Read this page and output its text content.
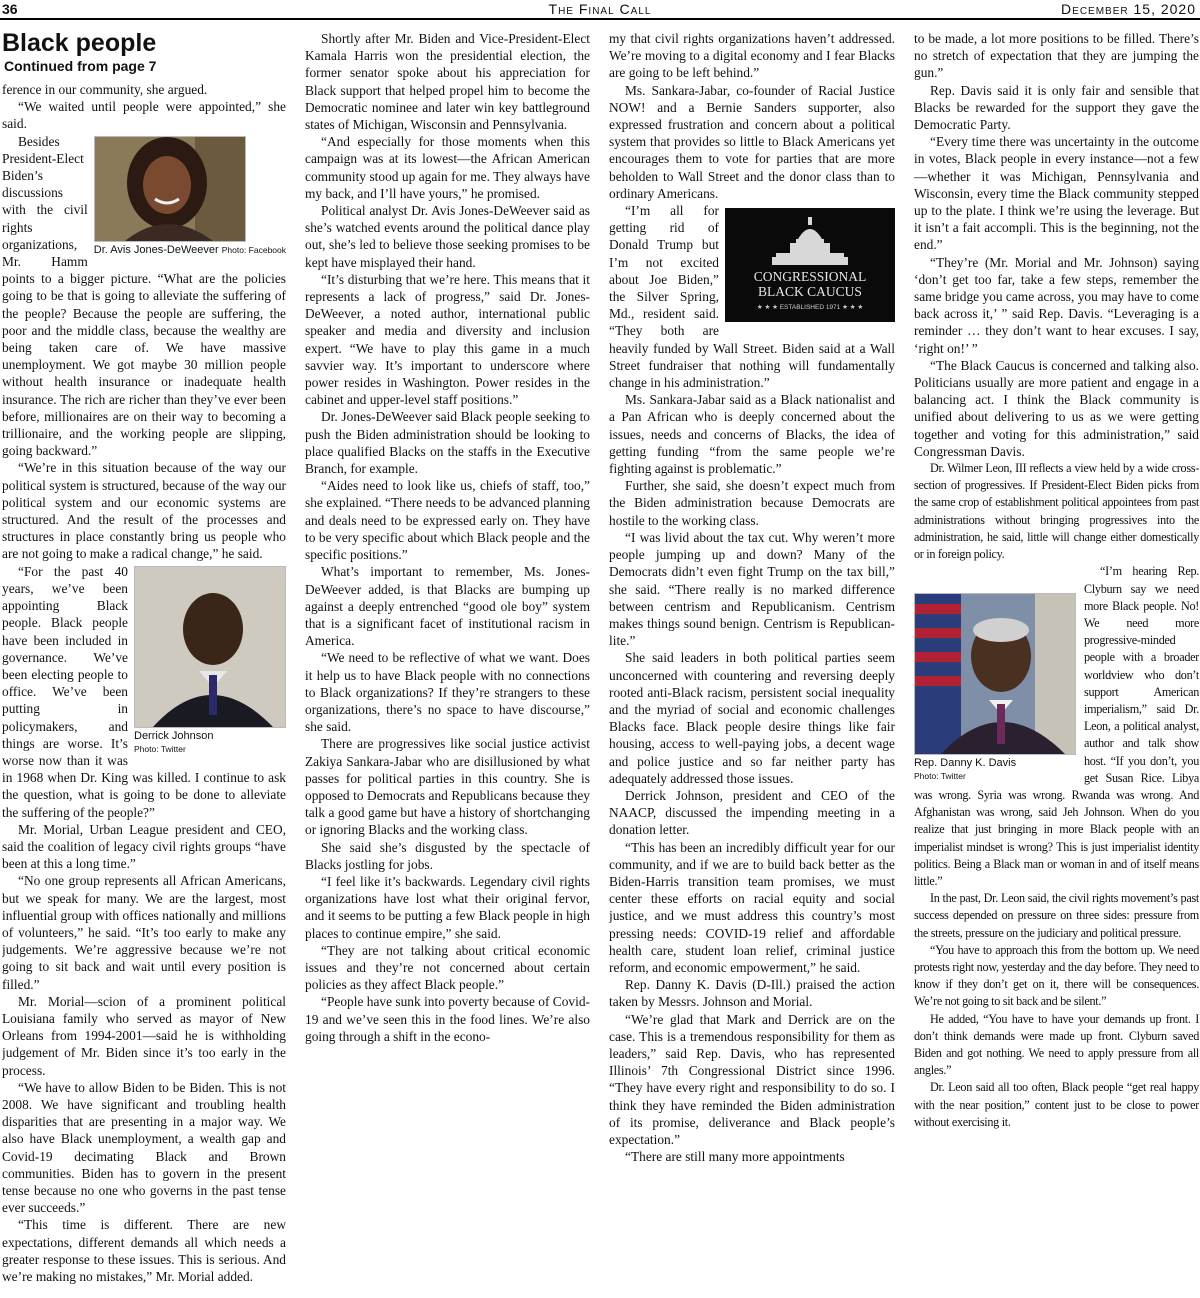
36	The Final Call	December 15, 2020
Black people
Continued from page 7

ference in our community, she argued.

“We waited until people were appointed,” she said.

Dr. Avis Jones-DeWeever Photo: Facebook

Besides President-Elect Biden’s discussions with the civil rights organizations, Mr. Hamm points to a bigger picture. “What are the policies going to be that is going to alleviate the suffering of the people? Because the people are suffering, the poor and the middle class, because the wealthy are being taken care of. We have massive unemployment. We got maybe 30 million people without health insurance or inadequate health insurance. The rich are richer than they’ve ever been before, millionaires are on their way to becoming a trillionaire, and the working people are slipping, going backward.”

“We’re in this situation because of the way our political system is structured, because of the way our political system and our economic systems are structured. And the result of the processes and structures in place constantly bring us people who are not going to make a radical change,” he said.

Derrick Johnson
Photo: Twitter

“For the past 40 years, we’ve been appointing Black people. Black people have been included in governance. We’ve been electing people to office. We’ve been putting in policymakers, and things are worse. It’s worse now than it was in 1968 when Dr. King was killed. I continue to ask the question, what is going to be done to alleviate the suffering of the people?”

Mr. Morial, Urban League president and CEO, said the coalition of legacy civil rights groups “have been at this a long time.”

“No one group represents all African Americans, but we speak for many. We are the largest, most influential group with offices nationally and millions of volunteers,” he said. “It’s too early to make any judgements. We’re aggressive because we’re not going to sit back and wait until every position is filled.”

Mr. Morial—scion of a prominent political Louisiana family who served as mayor of New Orleans from 1994-2001—said he is withholding judgement of Mr. Biden since it’s too early in the process.

“We have to allow Biden to be Biden. This is not 2008. We have significant and troubling health disparities that are presenting in a major way. We also have Black unemployment, a wealth gap and Covid-19 decimating Black and Brown communities. Biden has to govern in the present tense because no one who governs in the past tense ever succeeds.”

“This time is different. There are new expectations, different demands all which needs a greater response to these issues. This is serious. And we’re making no mistakes,” Mr. Morial added.

Shortly after Mr. Biden and Vice-President-Elect Kamala Harris won the presidential election, the former senator spoke about his appreciation for Black support that helped propel him to become the Democratic nominee and later win key battleground states of Michigan, Wisconsin and Pennsylvania.

“And especially for those moments when this campaign was at its lowest—the African American community stood up again for me. They always have my back, and I’ll have yours,” he promised.

Political analyst Dr. Avis Jones-DeWeever said as she’s watched events around the political dance play out, she’s led to believe those seeking promises to be kept have misplayed their hand.

“It’s disturbing that we’re here. This means that it represents a lack of progress,” said Dr. Jones-DeWeever, a noted author, international public speaker and media and diversity and inclusion expert. “We have to play this game in a much savvier way. It’s important to underscore where power resides in Washington. Power resides in the cabinet and upper-level staff positions.”

Dr. Jones-DeWeever said Black people seeking to push the Biden administration should be looking to place qualified Blacks on the staffs in the Executive Branch, for example.

“Aides need to look like us, chiefs of staff, too,” she explained. “There needs to be advanced planning and deals need to be expressed early on. They have to be very specific about which Black people and the specific positions.”

What’s important to remember, Ms. Jones-DeWeever added, is that Blacks are bumping up against a deeply entrenched “good ole boy” system that is a significant facet of institutional racism in America.

“We need to be reflective of what we want. Does it help us to have Black people with no connections to Black organizations? If they’re strangers to these organizations, there’s no space to have discourse,” she said.

There are progressives like social justice activist Zakiya Sankara-Jabar who are disillusioned by what passes for political parties in this country. She is opposed to Democrats and Republicans because they talk a good game but have a history of shortchanging or ignoring Blacks and the working class.

She said she’s disgusted by the spectacle of Blacks jostling for jobs.

“I feel like it’s backwards. Legendary civil rights organizations have lost what their original fervor, and it seems to be putting a few Black people in high places to continue empire,” she said.

“They are not talking about critical economic issues and they’re not concerned about certain policies as they affect Black people.”

“People have sunk into poverty because of Covid-19 and we’ve seen this in the food lines. We’re also going through a shift in the econo-

my that civil rights organizations haven’t addressed. We’re moving to a digital economy and I fear Blacks are going to be left behind.”

Ms. Sankara-Jabar, co-founder of Racial Justice NOW! and a Bernie Sanders supporter, also expressed frustration and concern about a political system that provides so little to Black Americans yet encourages them to vote for parties that are more beholden to Wall Street and the donor class than to ordinary Americans.

CONGRESSIONAL
BLACK CAUCUS
★ ★ ★ ESTABLISHED 1971 ★ ★ ★

“I’m all for getting rid of Donald Trump but I’m not excited about Joe Biden,” the Silver Spring, Md., resident said. “They both are heavily funded by Wall Street. Biden said at a Wall Street fundraiser that nothing will fundamentally change in his administration.”

Ms. Sankara-Jabar said as a Black nationalist and a Pan African who is deeply concerned about the issues, needs and concerns of Blacks, the idea of getting funding “from the same people we’re fighting against is problematic.”

Further, she said, she doesn’t expect much from the Biden administration because Democrats are hostile to the working class.

“I was livid about the tax cut. Why weren’t more people jumping up and down? Many of the Democrats didn’t even fight Trump on the tax bill,” she said. “There really is no marked difference between centrism and Republicanism. Centrism makes things sound benign. Centrism is Republican-lite.”

She said leaders in both political parties seem unconcerned with countering and reversing deeply rooted anti-Black racism, persistent social inequality and the myriad of social and economic challenges Blacks face. Black people desire things like fair housing, access to well-paying jobs, a decent wage and police justice and so far neither party has adequately addressed those issues.

Derrick Johnson, president and CEO of the NAACP, discussed the impending meeting in a donation letter.

“This has been an incredibly difficult year for our community, and if we are to build back better as the Biden-Harris transition team promises, we must center these efforts on racial equity and social justice, and we must address this country’s most pressing needs: COVID-19 relief and affordable health care, student loan relief, criminal justice reform, and economic empowerment,” he said.

Rep. Danny K. Davis (D-Ill.) praised the action taken by Messrs. Johnson and Morial.

“We’re glad that Mark and Derrick are on the case. This is a tremendous responsibility for them as leaders,” said Rep. Davis, who has represented Illinois’ 7th Congressional District since 1996. “They have every right and responsibility to do so. I think they have reminded the Biden administration of its promise, deliverance and Black people’s expectation.”

“There are still many more appointments

to be made, a lot more positions to be filled. There’s no stretch of expectation that they are jumping the gun.”

Rep. Davis said it is only fair and sensible that Blacks be rewarded for the support they gave the Democratic Party.

“Every time there was uncertainty in the outcome in votes, Black people in every instance—not a few—whether it was Michigan, Pennsylvania and Wisconsin, every time the Black community stepped up to the plate. I think we’re using the leverage. But it isn’t a fait accompli. This is the beginning, not the end.”

“They’re (Mr. Morial and Mr. Johnson) saying ‘don’t get too far, take a few steps, remember the same bridge you came across, you may have to come back across it,’ ” said Rep. Davis. “Leveraging is a reminder … they don’t want to hear excuses. I say, ‘right on!’ ”

“The Black Caucus is concerned and talking also. Politicians usually are more patient and engage in a balancing act. I think the Black community is unified about delivering to us as we were getting together and voting for this administration,” said Congressman Davis.

Dr. Wilmer Leon, III reflects a view held by a wide cross-section of progressives. If President-Elect Biden picks from the same crop of establishment political appointees from past administrations without bringing progressives into the administration, he said, little will change either domestically or in foreign policy.

Rep. Danny K. Davis
Photo: Twitter

“I’m hearing Rep. Clyburn say we need more Black people. No! We need more progressive-minded people with a broader worldview who don’t support American imperialism,” said Dr. Leon, a political analyst, author and talk show host. “If you don’t, you get Susan Rice. Libya was wrong. Syria was wrong. Rwanda was wrong. And Afghanistan was wrong, said Jeh Johnson. When do you realize that just bringing in more Black people with an imperialist mindset is wrong? This is just imperialist identity politics. Being a Black man or woman in and of itself means little.”

In the past, Dr. Leon said, the civil rights movement’s past success depended on pressure on three sides: pressure from the streets, pressure on the judiciary and political pressure.

“You have to approach this from the bottom up. We need protests right now, yesterday and the day before. They need to know if they don’t get on it, there will be consequences. We’re not going to sit back and be silent.”

He added, “You have to have your demands up front. I don’t think demands were made up front. Clyburn saved Biden and got nothing. We need to apply pressure from all angles.”

Dr. Leon said all too often, Black people “get real happy with the near position,” content just to be close to power without exercising it.
